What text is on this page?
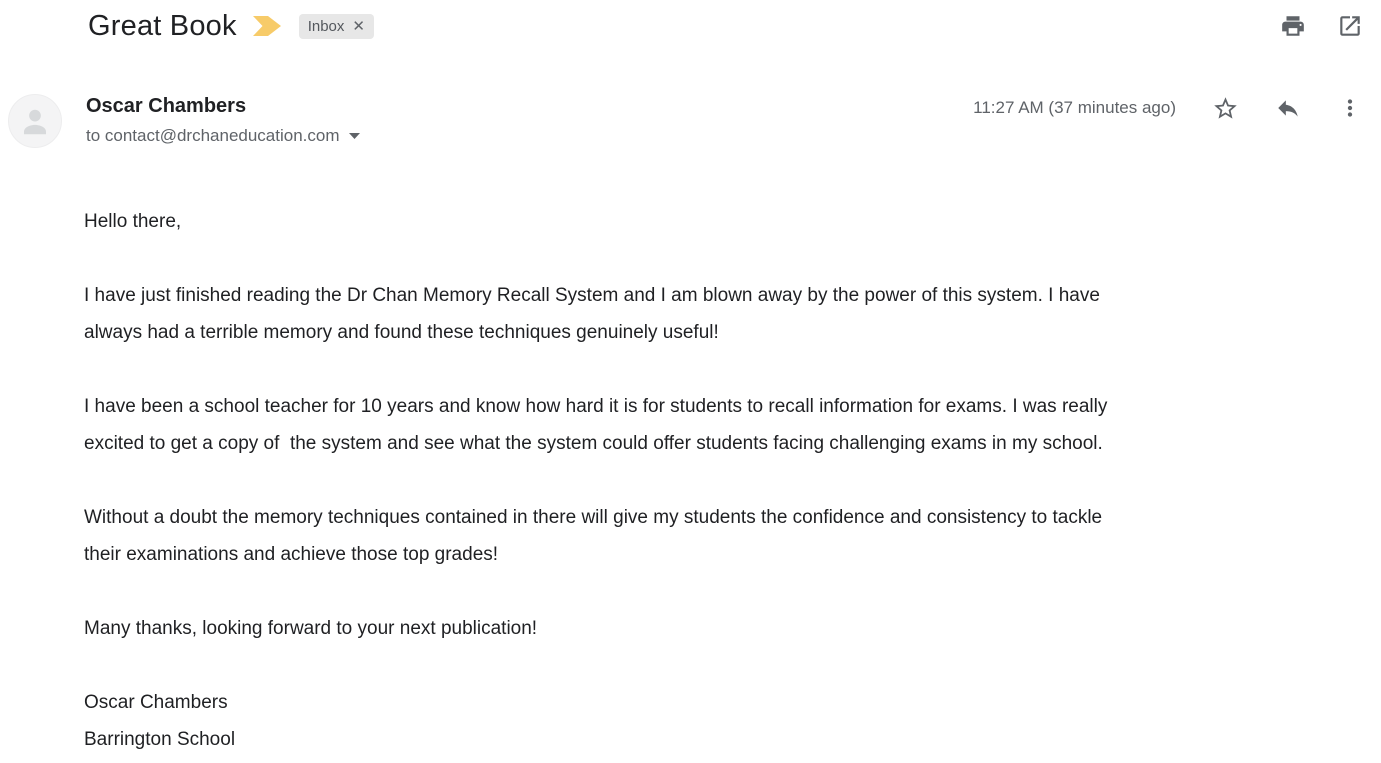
Great Book	Inbox ✕
Oscar Chambers
to contact@drchaneducation.com
11:27 AM (37 minutes ago)

Hello there,

I have just finished reading the Dr Chan Memory Recall System and I am blown away by the power of this system. I have
always had a terrible memory and found these techniques genuinely useful!

I have been a school teacher for 10 years and know how hard it is for students to recall information for exams. I was really
excited to get a copy of  the system and see what the system could offer students facing challenging exams in my school.

Without a doubt the memory techniques contained in there will give my students the confidence and consistency to tackle
their examinations and achieve those top grades!

Many thanks, looking forward to your next publication!

Oscar Chambers
Barrington School
